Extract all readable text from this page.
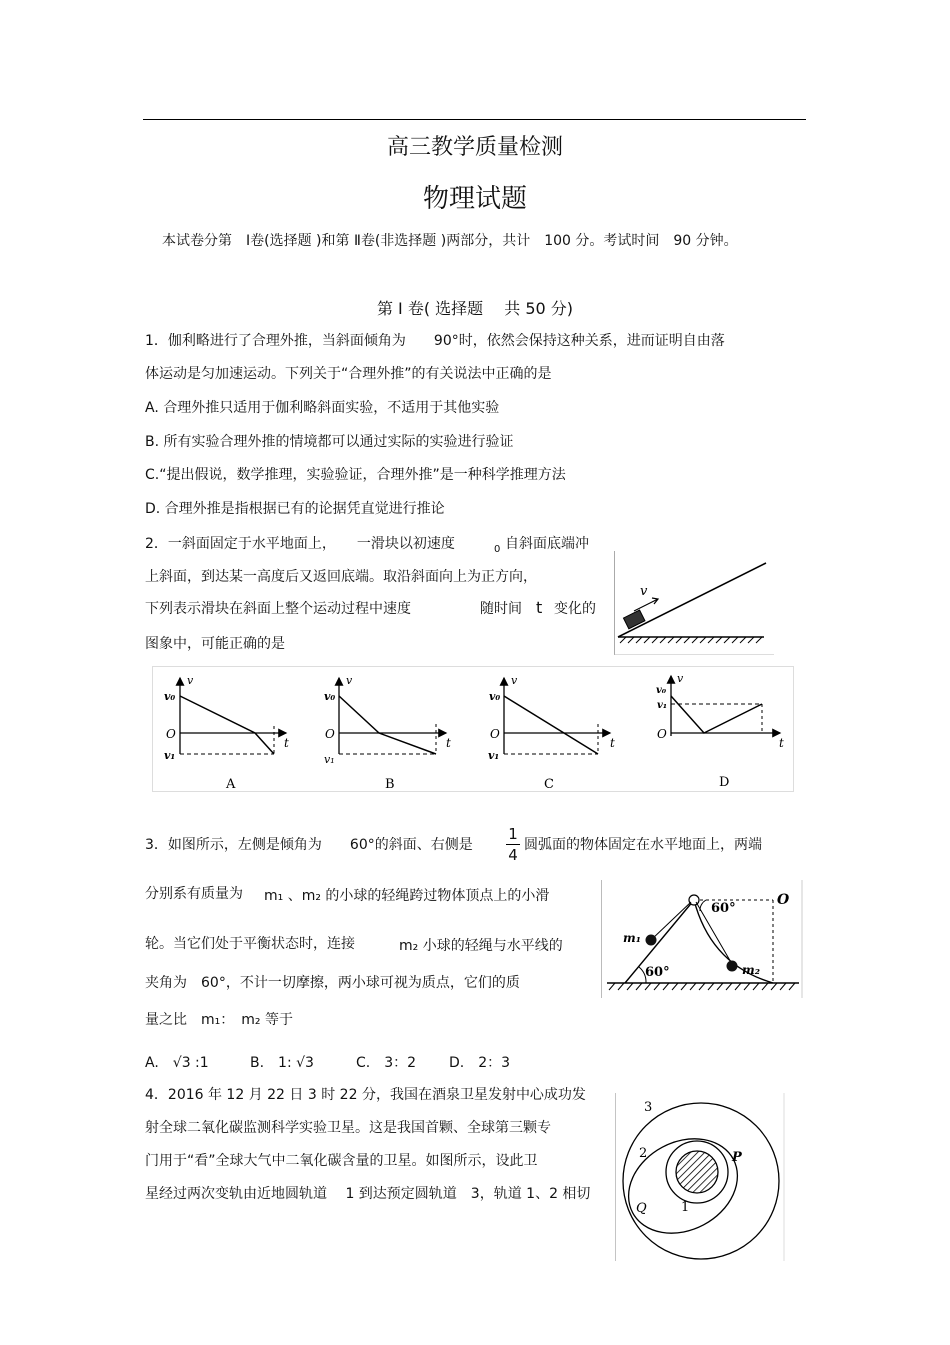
高三教学质量检测
物理试题
本试卷分第　Ⅰ卷(选择题 )和第 Ⅱ卷(非选择题 )两部分，共计　100 分。考试时间　90 分钟。
第 Ⅰ 卷( 选择题　 共 50 分)
1．伽利略进行了合理外推，当斜面倾角为　　90°时，依然会保持这种关系，进而证明自由落
体运动是匀加速运动。下列关于“合理外推”的有关说法中正确的是
A. 合理外推只适用于伽利略斜面实验，不适用于其他实验
B. 所有实验合理外推的情境都可以通过实际的实验进行验证
C.“提出假说，数学推理，实验验证，合理外推”是一种科学推理方法
D. 合理外推是指根据已有的论据凭直觉进行推论
2．一斜面固定于水平地面上，　　一滑块以初速度	0 自斜面底端冲
上斜面，到达某一高度后又返回底端。取沿斜面向上为正方向，
下列表示滑块在斜面上整个运动过程中速度	随时间 t 变化的
图象中，可能正确的是
v
v
v₀
O
v₁
t
A
v
v₀
O
v₁
t
B
v
v₀
O
v₁
t
C
v
v₀
v₁
O
t
D
3．如图所示，左侧是倾角为　　60°的斜面、右侧是
1
4
圆弧面的物体固定在水平地面上，两端
分别系有质量为 m₁ 、m₂ 的小球的轻绳跨过物体顶点上的小滑
轮。当它们处于平衡状态时，连接	m₂ 小球的轻绳与水平线的
夹角为　60°，不计一切摩擦，两小球可视为质点，它们的质
量之比　m₁：　m₂ 等于
A.　√3 :1	B.　1: √3	C.　3：2 D.　2：3
60°
60°
O
m₁
m₂
4．2016 年 12 月 22 日 3 时 22 分，我国在酒泉卫星发射中心成功发
射全球二氧化碳监测科学实验卫星。这是我国首颗、全球第三颗专
门用于“看”全球大气中二氧化碳含量的卫星。如图所示，设此卫
星经过两次变轨由近地圆轨道　 1 到达预定圆轨道　3，轨道 1、2 相切
3
2
1
P
Q
